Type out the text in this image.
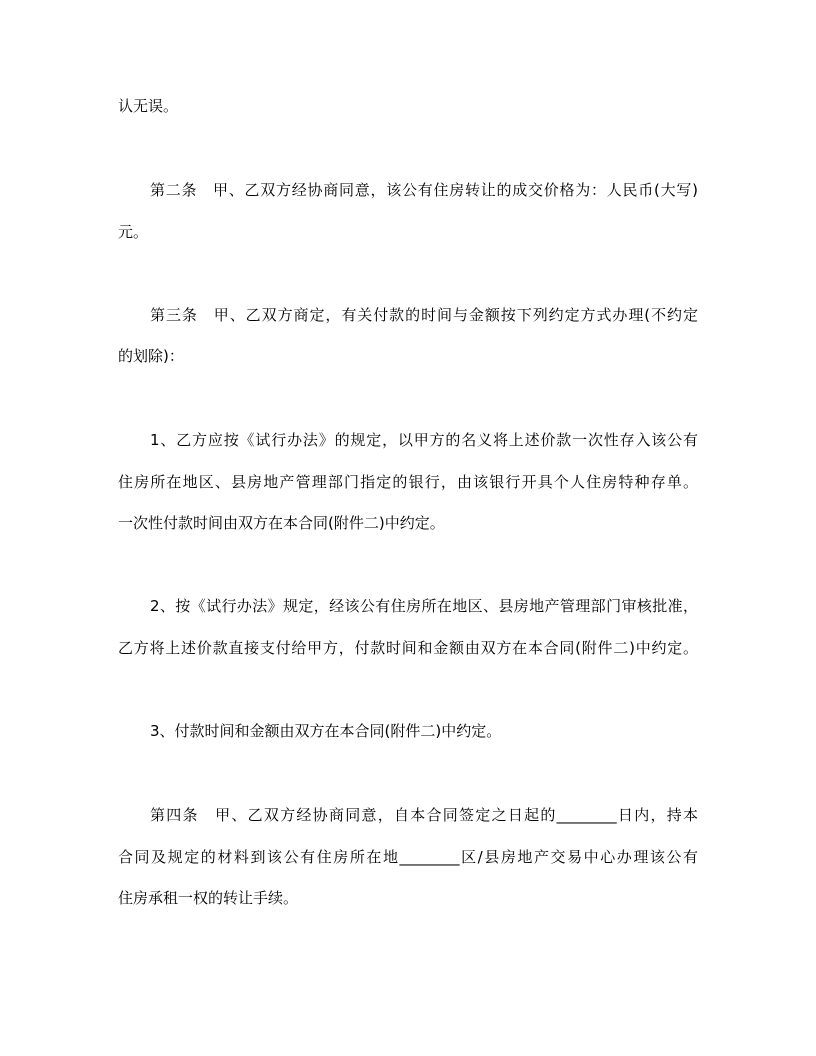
认无误。
第二条　甲、乙双方经协商同意，该公有住房转让的成交价格为：人民币(大写)
元。
第三条　甲、乙双方商定，有关付款的时间与金额按下列约定方式办理(不约定
的划除)：
1、乙方应按《试行办法》的规定，以甲方的名义将上述价款一次性存入该公有
住房所在地区、县房地产管理部门指定的银行，由该银行开具个人住房特种存单。
一次性付款时间由双方在本合同(附件二)中约定。
2、按《试行办法》规定，经该公有住房所在地区、县房地产管理部门审核批准，
乙方将上述价款直接支付给甲方，付款时间和金额由双方在本合同(附件二)中约定。
3、付款时间和金额由双方在本合同(附件二)中约定。
第四条　甲、乙双方经协商同意，自本合同签定之日起的________日内，持本
合同及规定的材料到该公有住房所在地________区/县房地产交易中心办理该公有
住房承租一权的转让手续。
